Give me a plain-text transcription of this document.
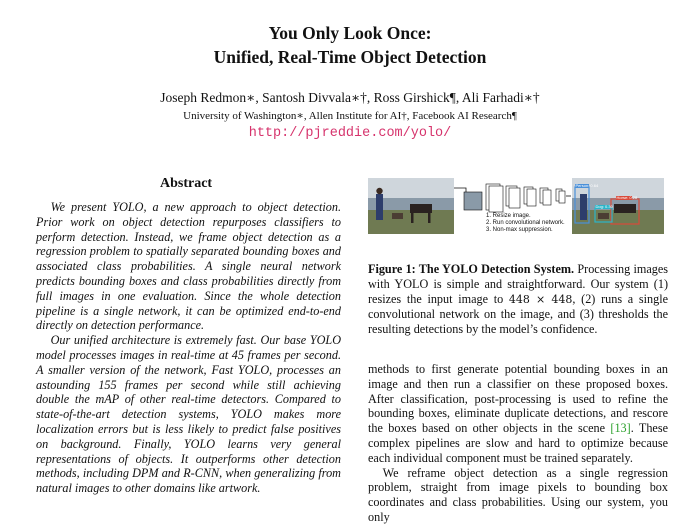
You Only Look Once:
Unified, Real-Time Object Detection
Joseph Redmon∗, Santosh Divvala∗†, Ross Girshick¶, Ali Farhadi∗†
University of Washington∗, Allen Institute for AI†, Facebook AI Research¶
http://pjreddie.com/yolo/
Abstract

We present YOLO, a new approach to object detection. Prior work on object detection repurposes classifiers to perform detection. Instead, we frame object detection as a regression problem to spatially separated bounding boxes and associated class probabilities. A single neural network predicts bounding boxes and class probabilities directly from full images in one evaluation. Since the whole detection pipeline is a single network, it can be optimized end-to-end directly on detection performance.

Our unified architecture is extremely fast. Our base YOLO model processes images in real-time at 45 frames per second. A smaller version of the network, Fast YOLO, processes an astounding 155 frames per second while still achieving double the mAP of other real-time detectors. Compared to state-of-the-art detection systems, YOLO makes more localization errors but is less likely to predict false positives on background. Finally, YOLO learns very general representations of objects. It outperforms other detection methods, including DPM and R-CNN, when generalizing from natural images to other domains like artwork.

Person: 0.64
Horse: 0.28
Dog: 0.30
1. Resize image.
2. Run convolutional network.
3. Non-max suppression.
Figure 1: The YOLO Detection System. Processing images with YOLO is simple and straightforward. Our system (1) resizes the input image to 448 × 448, (2) runs a single convolutional network on the image, and (3) thresholds the resulting detections by the model’s confidence.

methods to first generate potential bounding boxes in an image and then run a classifier on these proposed boxes. After classification, post-processing is used to refine the bounding boxes, eliminate duplicate detections, and rescore the boxes based on other objects in the scene [13]. These complex pipelines are slow and hard to optimize because each individual component must be trained separately.

We reframe object detection as a single regression problem, straight from image pixels to bounding box coordinates and class probabilities. Using our system, you only
